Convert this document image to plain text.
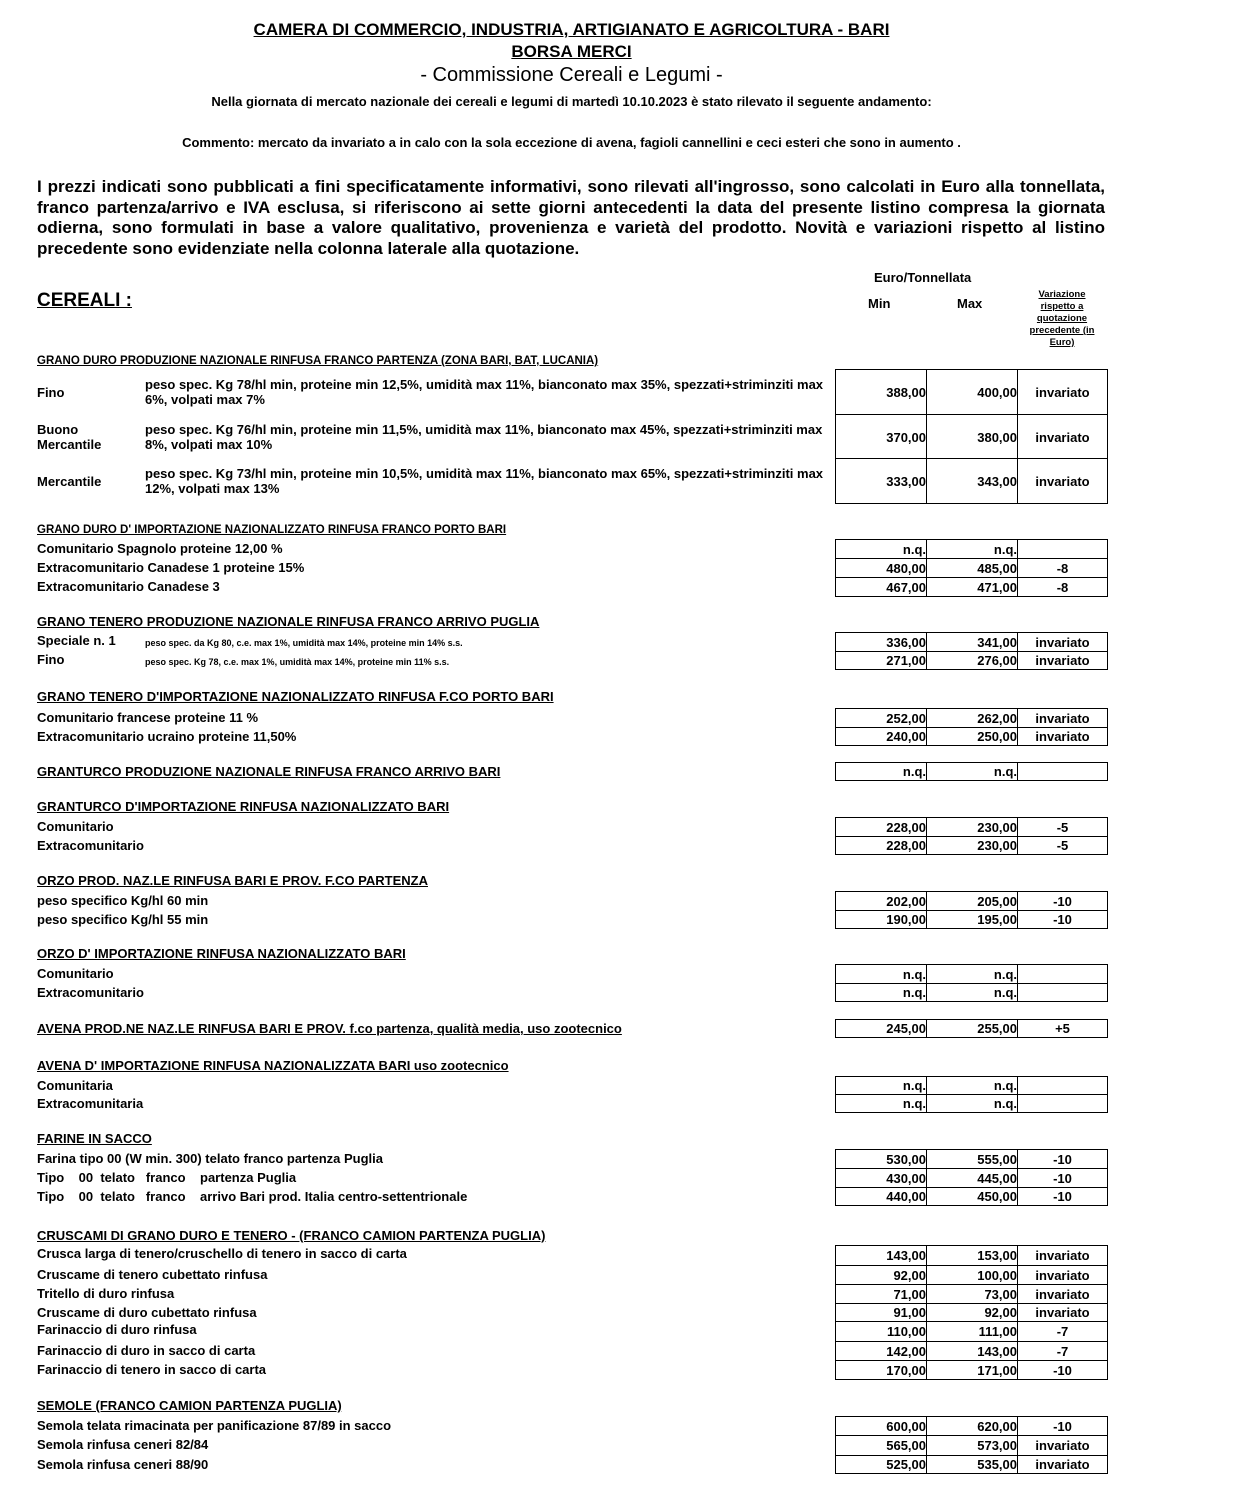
CAMERA DI COMMERCIO, INDUSTRIA, ARTIGIANATO E AGRICOLTURA - BARI
BORSA MERCI
- Commissione Cereali e Legumi -
Nella giornata di mercato nazionale dei cereali e legumi di martedì 10.10.2023 è stato rilevato il seguente andamento:
Commento: mercato da invariato a in calo con la sola eccezione di avena, fagioli cannellini e ceci esteri che sono in aumento .
I prezzi indicati sono pubblicati a fini specificatamente informativi, sono rilevati all'ingrosso, sono calcolati in Euro alla tonnellata, franco partenza/arrivo e IVA esclusa, si riferiscono ai sette giorni antecedenti la data del presente listino compresa la giornata odierna, sono formulati in base a valore qualitativo, provenienza e varietà del prodotto. Novità e variazioni rispetto al listino precedente sono evidenziate nella colonna laterale alla quotazione.
Euro/Tonnellata
Min	Max
Variazione rispetto a quotazione precedente (in Euro)
CEREALI :
GRANO DURO PRODUZIONE NAZIONALE RINFUSA FRANCO PARTENZA (ZONA BARI, BAT, LUCANIA)
Fino
peso spec. Kg 78/hl min, proteine min 12,5%, umidità max 11%, bianconato max 35%, spezzati+striminziti max 6%, volpati max 7%	388,00	400,00	invariato
Buono Mercantile
peso spec. Kg 76/hl min, proteine min 11,5%, umidità max 11%, bianconato max 45%, spezzati+striminziti max 8%, volpati max 10%	370,00	380,00	invariato
Mercantile
peso spec. Kg 73/hl min, proteine min 10,5%, umidità max 11%, bianconato max 65%, spezzati+striminziti max 12%, volpati max 13%	333,00	343,00	invariato
GRANO DURO D' IMPORTAZIONE NAZIONALIZZATO RINFUSA FRANCO PORTO BARI
Comunitario Spagnolo proteine 12,00 %	n.q.	n.q.
Extracomunitario Canadese 1 proteine 15%	480,00	485,00	-8
Extracomunitario Canadese 3	467,00	471,00	-8
GRANO TENERO PRODUZIONE NAZIONALE RINFUSA FRANCO ARRIVO PUGLIA
Speciale n. 1	peso spec. da Kg 80, c.e. max 1%, umidità max 14%, proteine min 14% s.s.	336,00	341,00	invariato
Fino	peso spec. Kg 78, c.e. max 1%, umidità max 14%, proteine min 11% s.s.	271,00	276,00	invariato
GRANO TENERO D'IMPORTAZIONE NAZIONALIZZATO RINFUSA F.CO PORTO BARI
Comunitario francese proteine 11 %	252,00	262,00	invariato
Extracomunitario ucraino proteine 11,50%	240,00	250,00	invariato
GRANTURCO PRODUZIONE NAZIONALE RINFUSA FRANCO ARRIVO BARI	n.q.	n.q.
GRANTURCO D'IMPORTAZIONE RINFUSA NAZIONALIZZATO BARI
Comunitario	228,00	230,00	-5
Extracomunitario	228,00	230,00	-5
ORZO PROD. NAZ.LE RINFUSA BARI E PROV. F.CO PARTENZA
peso specifico Kg/hl 60 min	202,00	205,00	-10
peso specifico Kg/hl 55 min	190,00	195,00	-10
ORZO D' IMPORTAZIONE RINFUSA NAZIONALIZZATO BARI
Comunitario	n.q.	n.q.
Extracomunitario	n.q.	n.q.
AVENA PROD.NE NAZ.LE RINFUSA BARI E PROV. f.co partenza, qualità media, uso zootecnico	245,00	255,00	+5
AVENA D' IMPORTAZIONE RINFUSA NAZIONALIZZATA BARI uso zootecnico
Comunitaria	n.q.	n.q.
Extracomunitaria	n.q.	n.q.
FARINE IN SACCO
Farina tipo 00 (W min. 300) telato franco partenza Puglia	530,00	555,00	-10
Tipo    00  telato   franco    partenza Puglia	430,00	445,00	-10
Tipo    00  telato   franco    arrivo Bari prod. Italia centro-settentrionale	440,00	450,00	-10
CRUSCAMI DI GRANO DURO E TENERO - (FRANCO CAMION PARTENZA PUGLIA)
Crusca larga di tenero/cruschello di tenero in sacco di carta	143,00	153,00	invariato
Cruscame di tenero cubettato rinfusa	92,00	100,00	invariato
Tritello di duro rinfusa	71,00	73,00	invariato
Cruscame di duro cubettato rinfusa	91,00	92,00	invariato
Farinaccio di duro rinfusa	110,00	111,00	-7
Farinaccio di duro in sacco di carta	142,00	143,00	-7
Farinaccio di tenero in sacco di carta	170,00	171,00	-10
SEMOLE (FRANCO CAMION PARTENZA PUGLIA)
Semola telata rimacinata per panificazione 87/89 in sacco	600,00	620,00	-10
Semola rinfusa ceneri 82/84	565,00	573,00	invariato
Semola rinfusa ceneri 88/90	525,00	535,00	invariato
